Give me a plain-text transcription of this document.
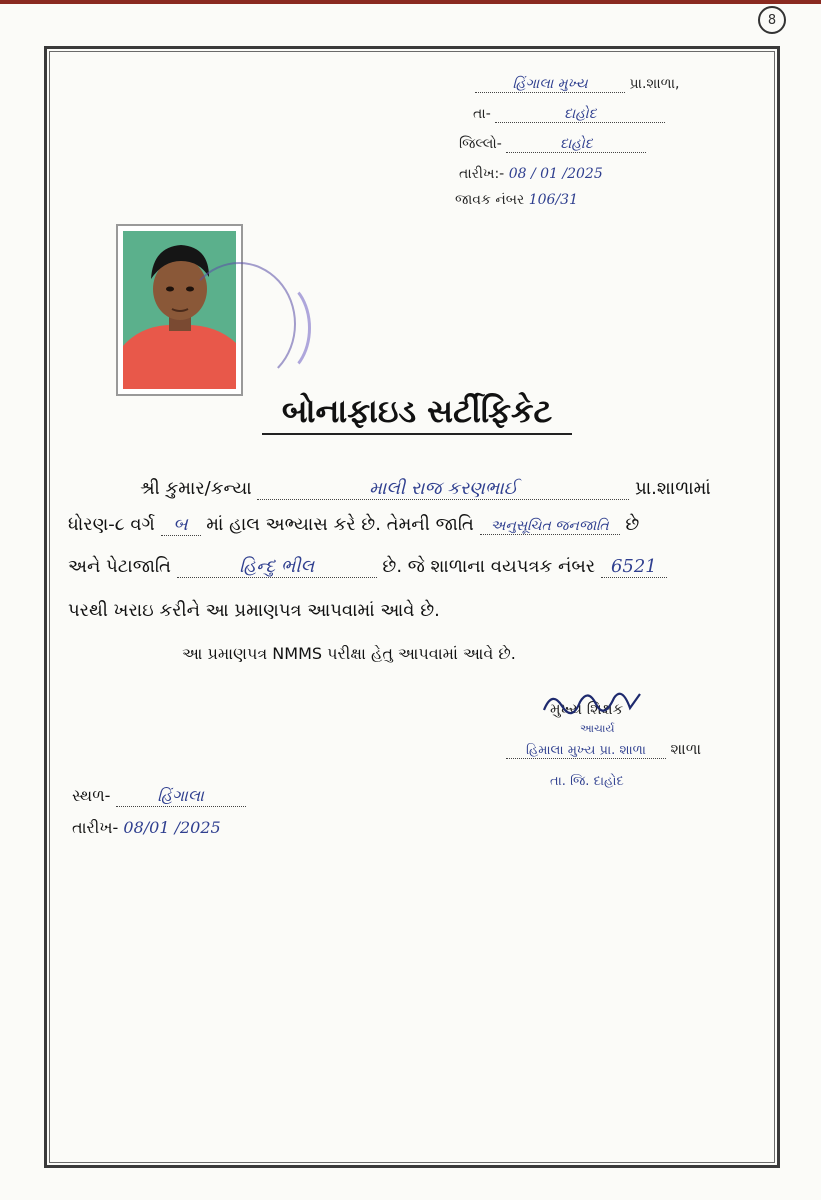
8
હિંગાલા મુખ્ય	પ્રા.શાળા,
તા-	દાહોદ
જિલ્લો-	દાહોદ
તારીખ:- 08 / 01 /2025
જાવક નંબર 106/31
બોનાફાઇડ સર્ટીફિકેટ
શ્રી કુમાર/કન્યા	માલી રાજ કરણભાઈ	પ્રા.શાળામાં
ધોરણ-૮ વર્ગ બ માં હાલ અભ્યાસ કરે છે. તેમની જાતિ અનુસૂચિત જનજાતિ છે
અને પેટાજાતિ	હિન્દુ ભીલ	છે. જે શાળાના વયપત્રક નંબર 6521
પરથી ખરાઇ કરીને આ પ્રમાણપત્ર આપવામાં આવે છે.
આ પ્રમાણપત્ર NMMS પરીક્ષા હેતુ આપવામાં આવે છે.
મુખ્ય શિક્ષક
આચાર્ય
હિમાલા મુખ્ય પ્રા. શાળા શાળા
તા. જિ. દાહોદ
સ્થળ-	હિંગાલા
તારીખ- 08/01 /2025
